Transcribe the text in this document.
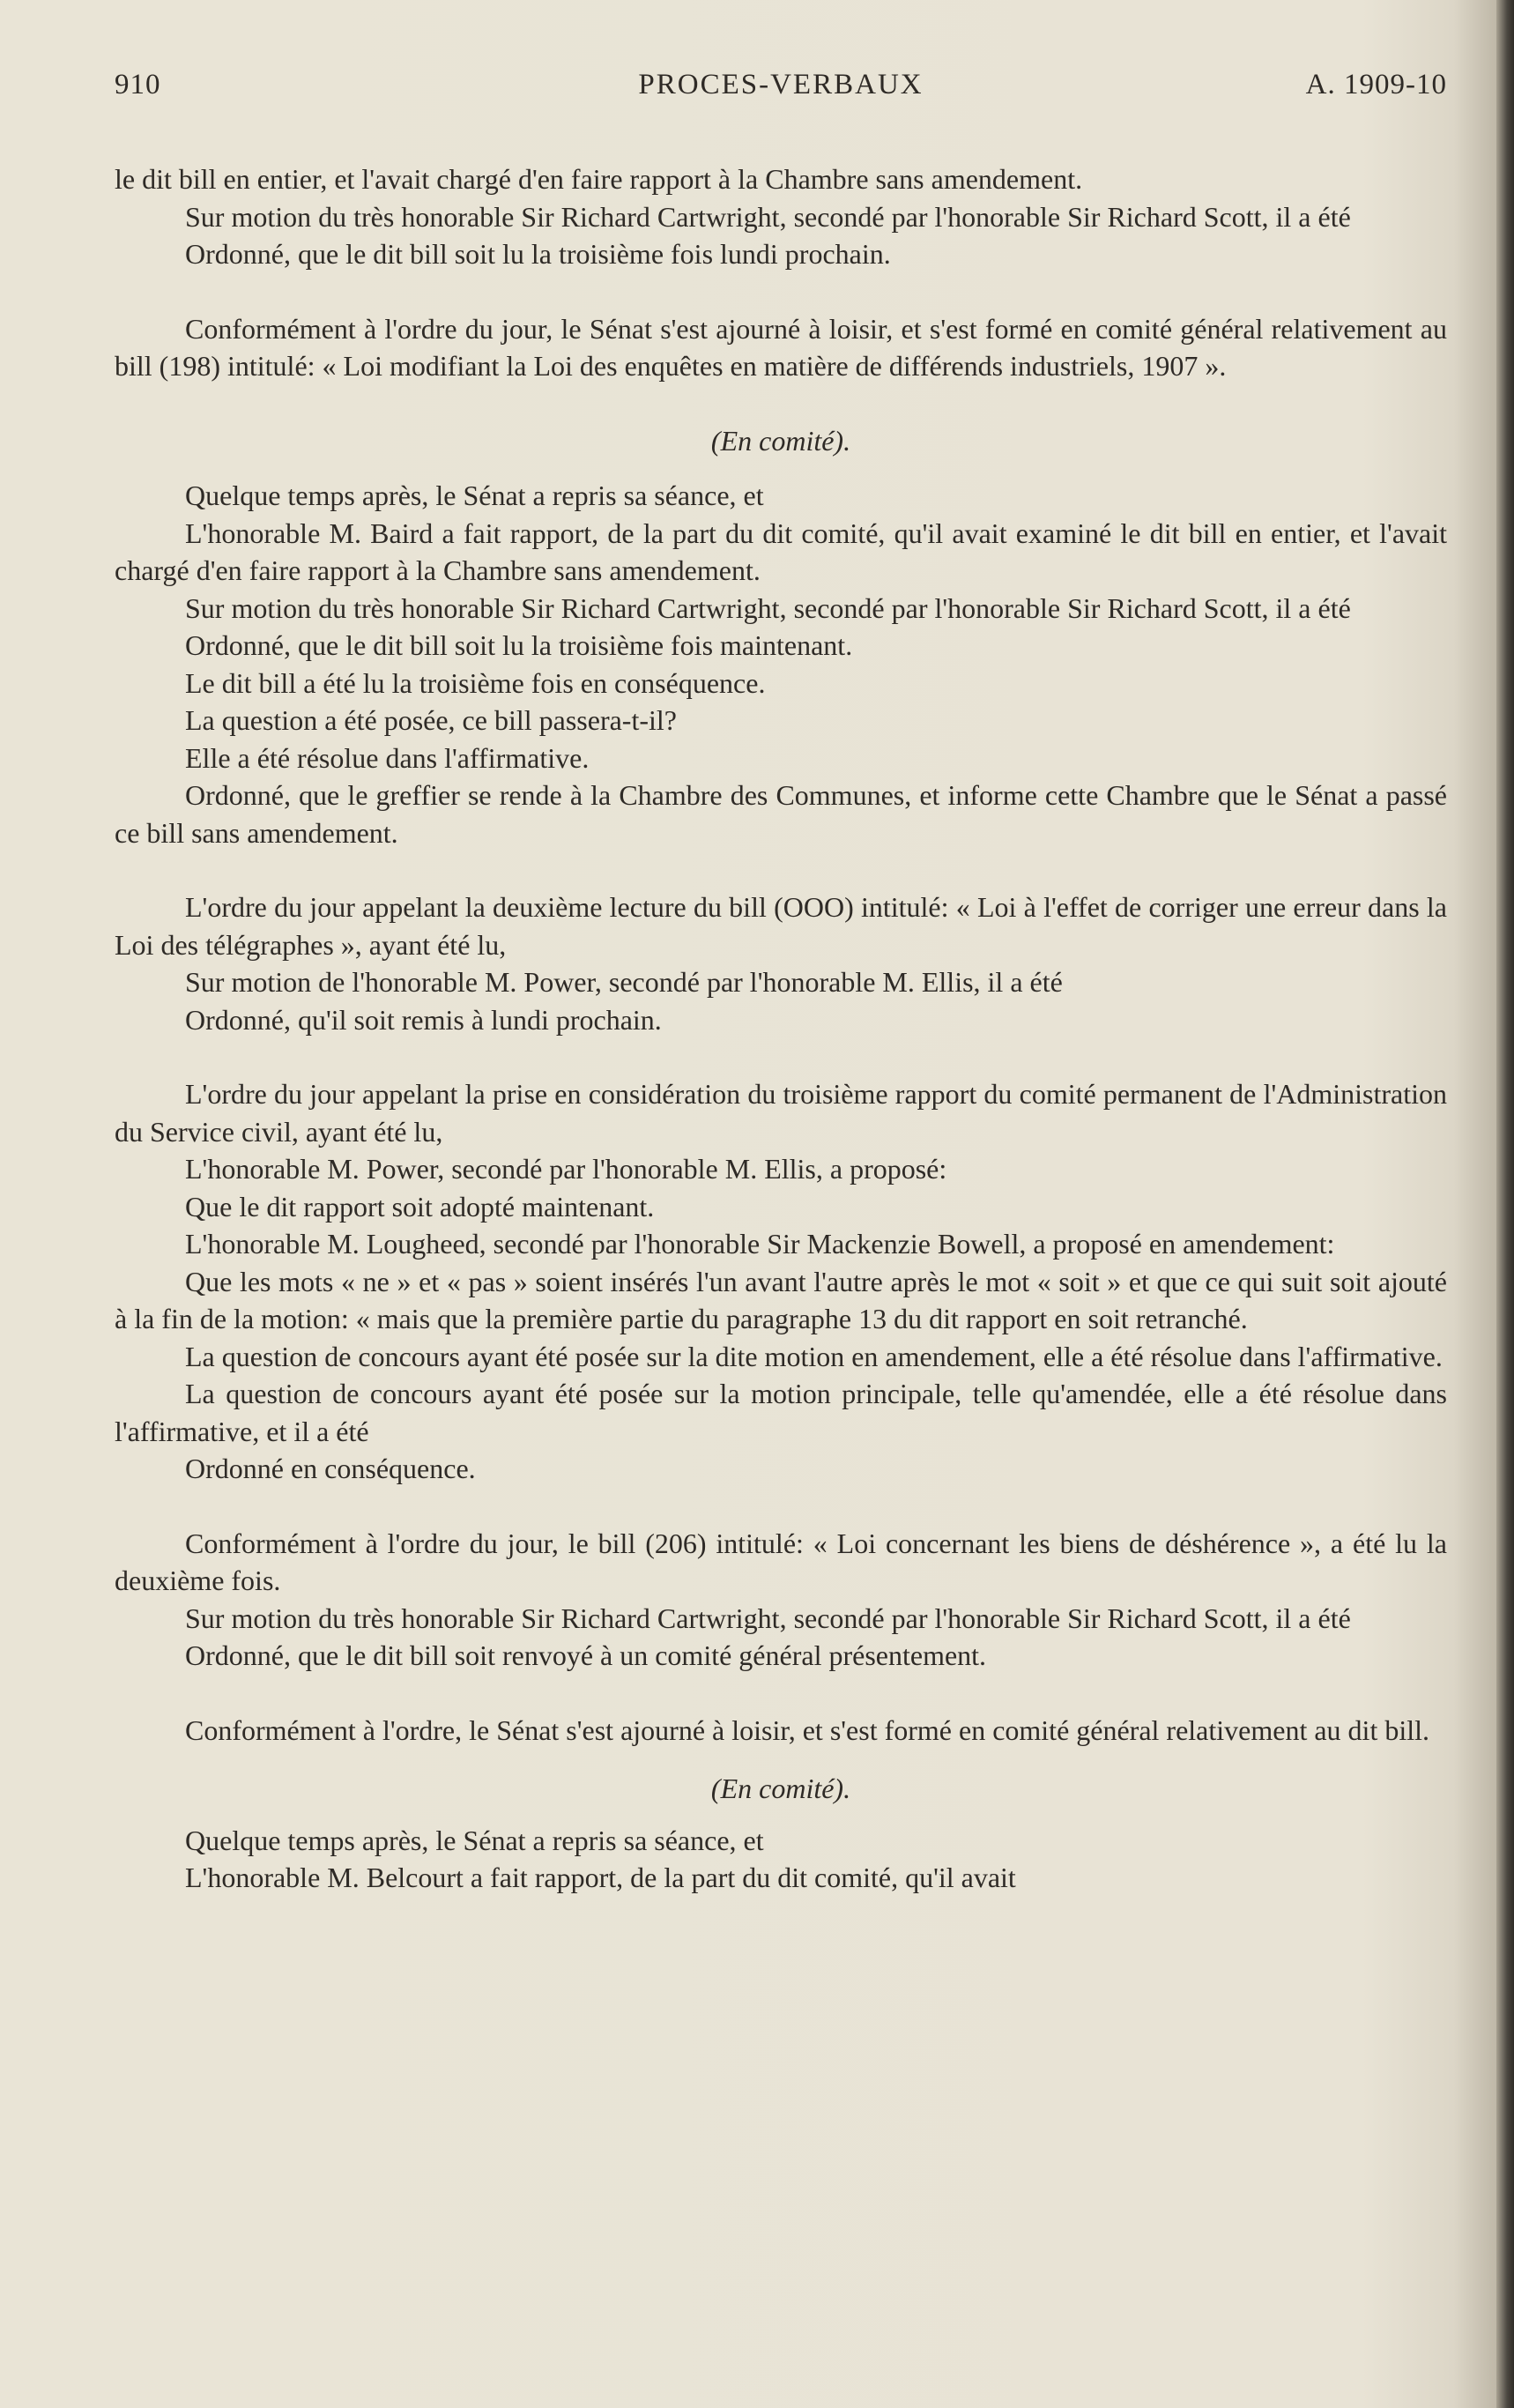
910	PROCES-VERBAUX	A. 1909-10

le dit bill en entier, et l'avait chargé d'en faire rapport à la Chambre sans amendement.

Sur motion du très honorable Sir Richard Cartwright, secondé par l'honorable Sir Richard Scott, il a été

Ordonné, que le dit bill soit lu la troisième fois lundi prochain.

Conformément à l'ordre du jour, le Sénat s'est ajourné à loisir, et s'est formé en comité général relativement au bill (198) intitulé: « Loi modifiant la Loi des enquêtes en matière de différends industriels, 1907 ».

(En comité).

Quelque temps après, le Sénat a repris sa séance, et

L'honorable M. Baird a fait rapport, de la part du dit comité, qu'il avait examiné le dit bill en entier, et l'avait chargé d'en faire rapport à la Chambre sans amendement.

Sur motion du très honorable Sir Richard Cartwright, secondé par l'honorable Sir Richard Scott, il a été

Ordonné, que le dit bill soit lu la troisième fois maintenant.

Le dit bill a été lu la troisième fois en conséquence.

La question a été posée, ce bill passera-t-il?

Elle a été résolue dans l'affirmative.

Ordonné, que le greffier se rende à la Chambre des Communes, et informe cette Chambre que le Sénat a passé ce bill sans amendement.

L'ordre du jour appelant la deuxième lecture du bill (OOO) intitulé: « Loi à l'effet de corriger une erreur dans la Loi des télégraphes », ayant été lu,

Sur motion de l'honorable M. Power, secondé par l'honorable M. Ellis, il a été

Ordonné, qu'il soit remis à lundi prochain.

L'ordre du jour appelant la prise en considération du troisième rapport du comité permanent de l'Administration du Service civil, ayant été lu,

L'honorable M. Power, secondé par l'honorable M. Ellis, a proposé:

Que le dit rapport soit adopté maintenant.

L'honorable M. Lougheed, secondé par l'honorable Sir Mackenzie Bowell, a proposé en amendement:

Que les mots « ne » et « pas » soient insérés l'un avant l'autre après le mot « soit » et que ce qui suit soit ajouté à la fin de la motion: « mais que la première partie du paragraphe 13 du dit rapport en soit retranché.

La question de concours ayant été posée sur la dite motion en amendement, elle a été résolue dans l'affirmative.

La question de concours ayant été posée sur la motion principale, telle qu'amendée, elle a été résolue dans l'affirmative, et il a été

Ordonné en conséquence.

Conformément à l'ordre du jour, le bill (206) intitulé: « Loi concernant les biens de déshérence », a été lu la deuxième fois.

Sur motion du très honorable Sir Richard Cartwright, secondé par l'honorable Sir Richard Scott, il a été

Ordonné, que le dit bill soit renvoyé à un comité général présentement.

Conformément à l'ordre, le Sénat s'est ajourné à loisir, et s'est formé en comité général relativement au dit bill.

(En comité).

Quelque temps après, le Sénat a repris sa séance, et

L'honorable M. Belcourt a fait rapport, de la part du dit comité, qu'il avait
